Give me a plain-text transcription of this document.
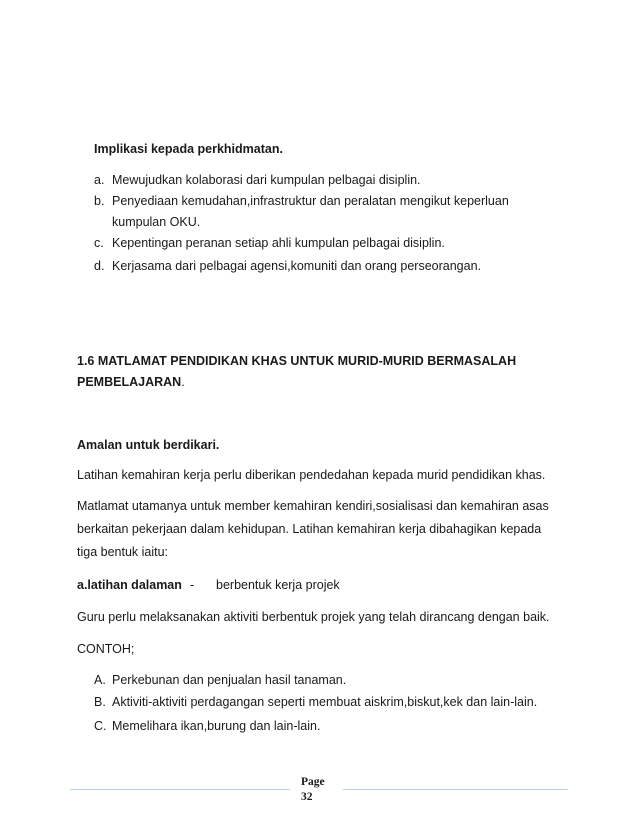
Implikasi kepada perkhidmatan.
a. Mewujudkan kolaborasi dari kumpulan pelbagai disiplin.
b. Penyediaan kemudahan,infrastruktur dan peralatan mengikut keperluan
kumpulan OKU.
c. Kepentingan peranan setiap ahli kumpulan pelbagai disiplin.
d. Kerjasama dari pelbagai agensi,komuniti dan orang perseorangan.
1.6 MATLAMAT PENDIDIKAN KHAS UNTUK MURID-MURID BERMASALAH
PEMBELAJARAN.
Amalan untuk berdikari.
Latihan kemahiran kerja perlu diberikan pendedahan kepada murid pendidikan khas.
Matlamat utamanya untuk member kemahiran kendiri,sosialisasi dan kemahiran asas
berkaitan pekerjaan dalam kehidupan. Latihan kemahiran kerja dibahagikan kepada
tiga bentuk iaitu:
a.latihan dalaman - berbentuk kerja projek
Guru perlu melaksanakan aktiviti berbentuk projek yang telah dirancang dengan baik.
CONTOH;
A. Perkebunan dan penjualan hasil tanaman.
B. Aktiviti-aktiviti perdagangan seperti membuat aiskrim,biskut,kek dan lain-lain.
C. Memelihara ikan,burung dan lain-lain.
Page
32
